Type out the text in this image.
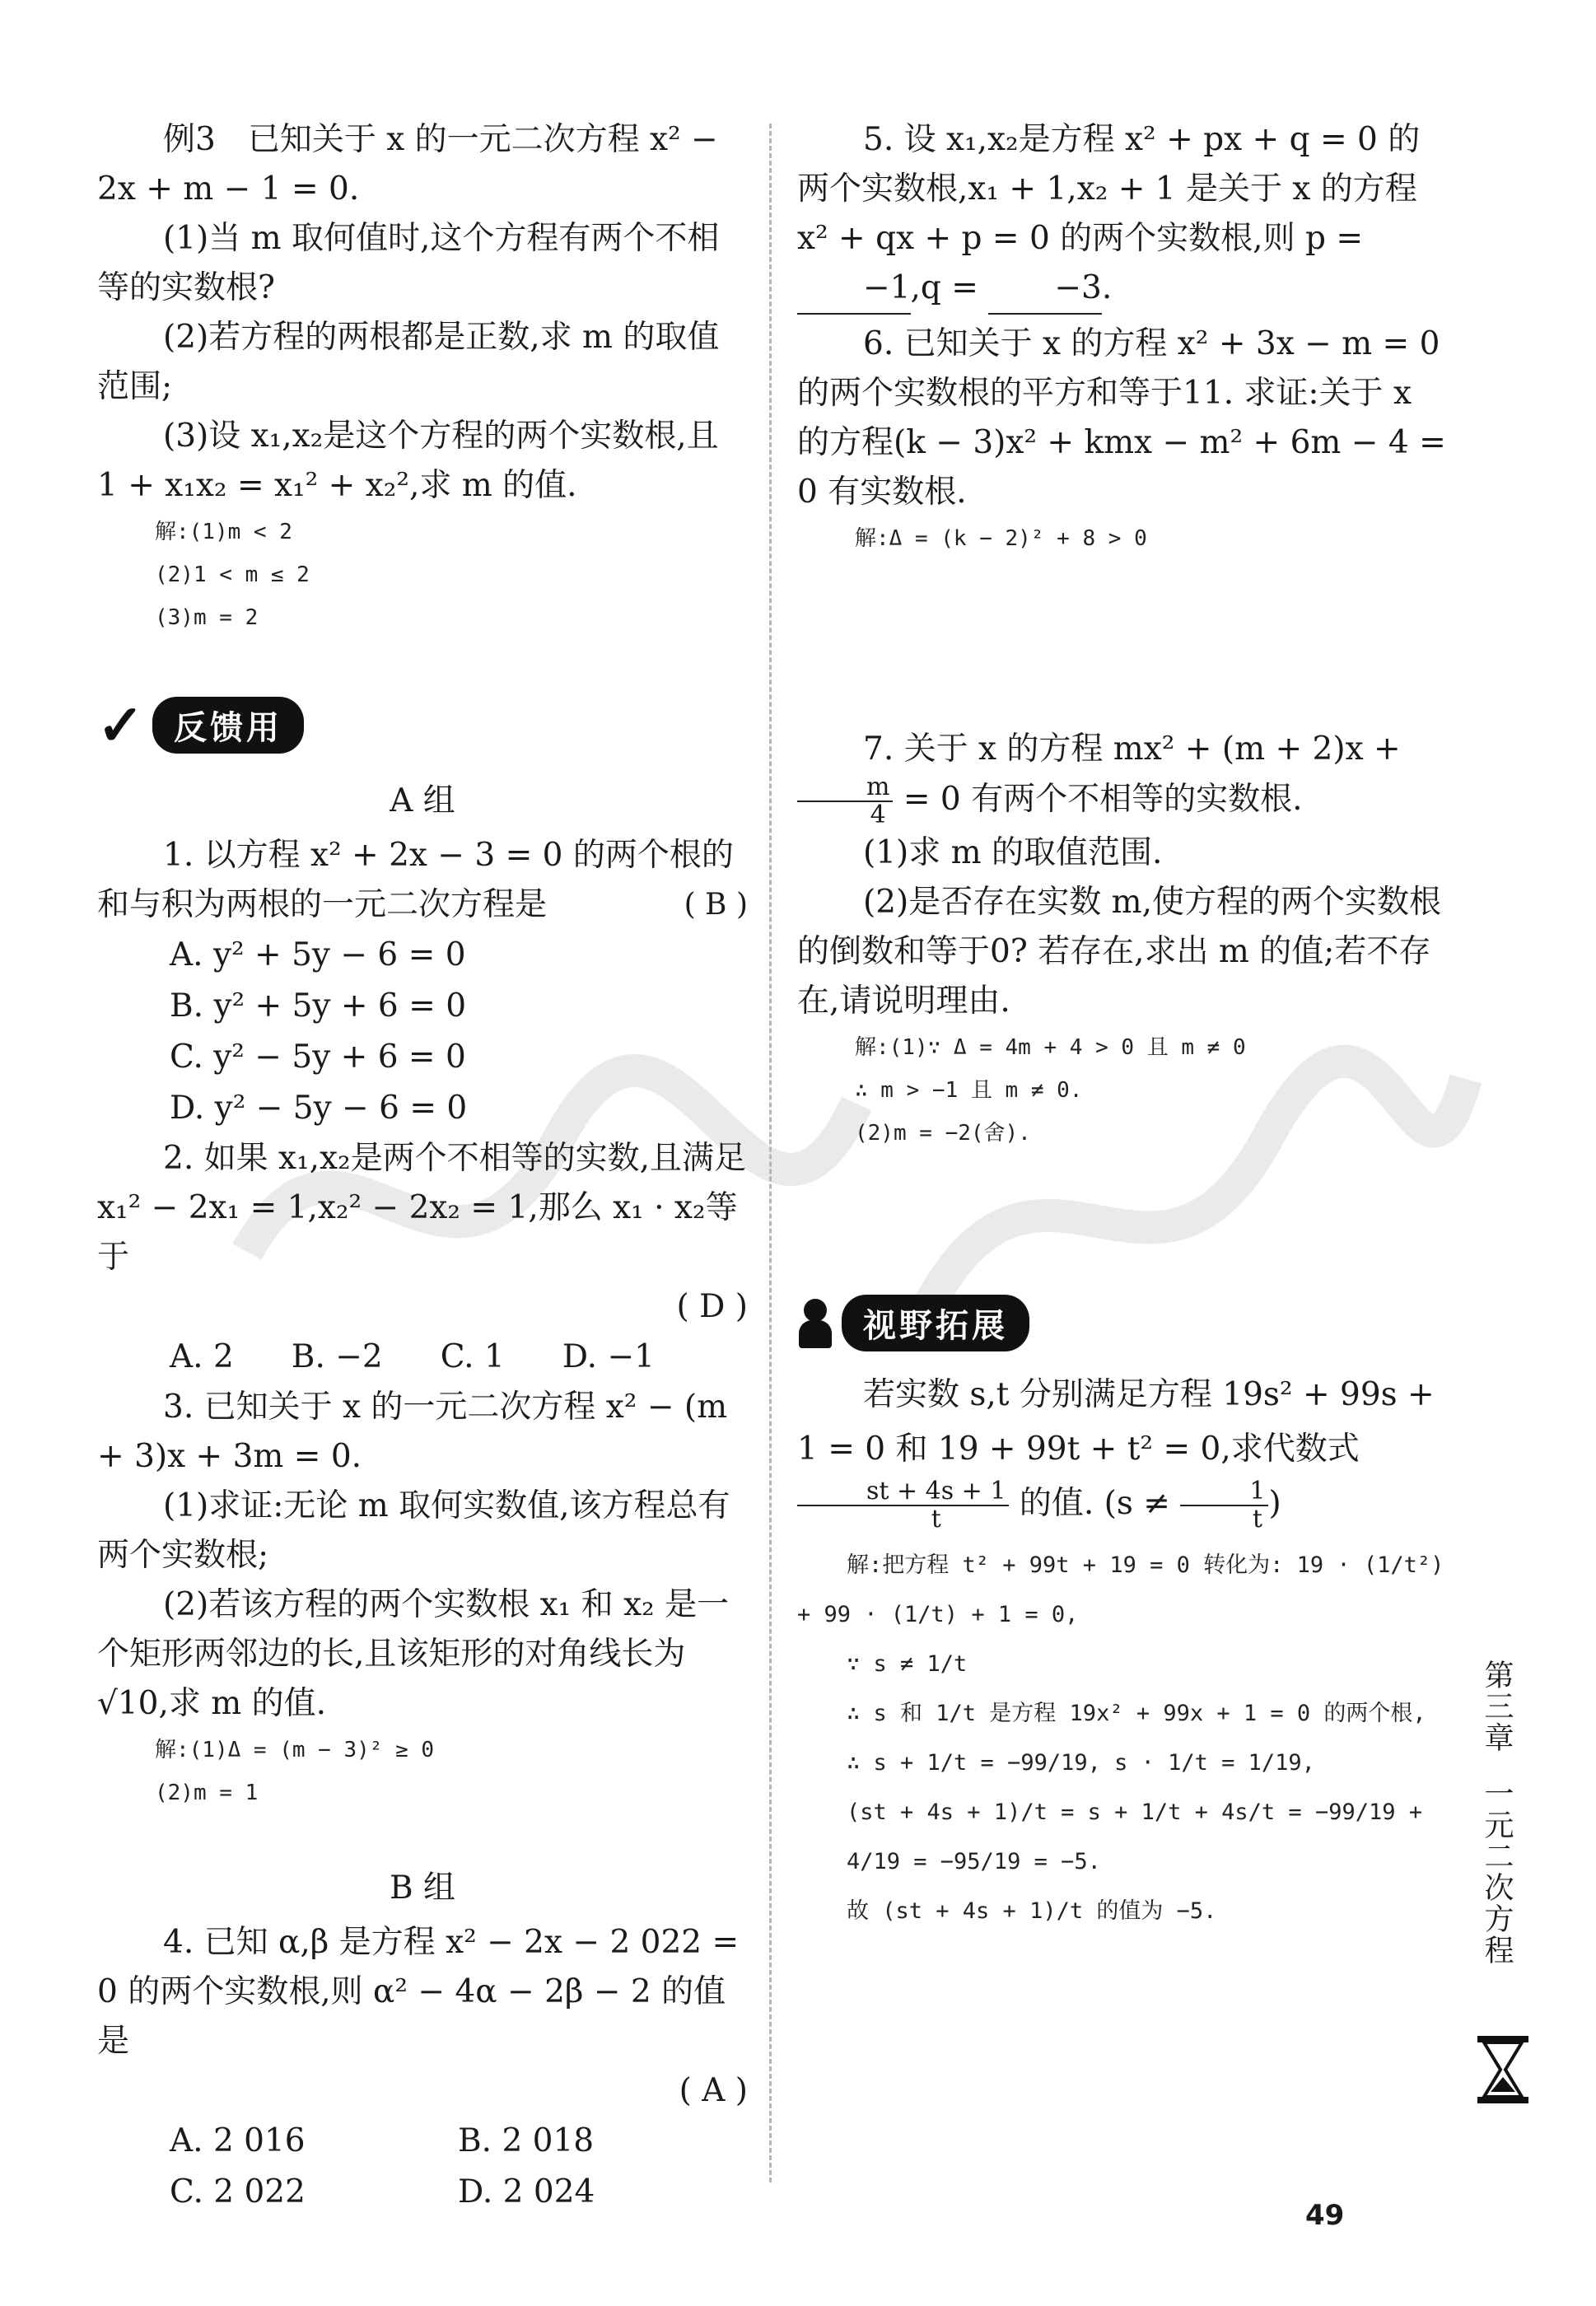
例3　已知关于 x 的一元二次方程 x² − 2x + m − 1 = 0.

(1)当 m 取何值时,这个方程有两个不相等的实数根?

(2)若方程的两根都是正数,求 m 的取值范围;

(3)设 x₁,x₂是这个方程的两个实数根,且 1 + x₁x₂ = x₁² + x₂²,求 m 的值.

解:(1)m < 2
(2)1 < m ≤ 2
(3)m = 2
✓ 反馈用
A 组

1. 以方程 x² + 2x − 3 = 0 的两个根的和与积为两根的一元二次方程是	( B )

A. y² + 5y − 6 = 0
B. y² + 5y + 6 = 0
C. y² − 5y + 6 = 0
D. y² − 5y − 6 = 0

2. 如果 x₁,x₂是两个不相等的实数,且满足 x₁² − 2x₁ = 1,x₂² − 2x₂ = 1,那么 x₁ · x₂等于

( D )

A. 2 B. −2 C. 1 D. −1

3. 已知关于 x 的一元二次方程 x² − (m + 3)x + 3m = 0.

(1)求证:无论 m 取何实数值,该方程总有两个实数根;

(2)若该方程的两个实数根 x₁ 和 x₂ 是一个矩形两邻边的长,且该矩形的对角线长为 √10,求 m 的值.

解:(1)Δ = (m − 3)² ≥ 0
(2)m = 1
B 组

4. 已知 α,β 是方程 x² − 2x − 2 022 = 0 的两个实数根,则 α² − 4α − 2β − 2 的值是

( A )

A. 2 016	B. 2 018
C. 2 022	D. 2 024

5. 设 x₁,x₂是方程 x² + px + q = 0 的两个实数根,x₁ + 1,x₂ + 1 是关于 x 的方程 x² + qx + p = 0 的两个实数根,则 p = −1,q = −3.

6. 已知关于 x 的方程 x² + 3x − m = 0 的两个实数根的平方和等于11. 求证:关于 x 的方程(k − 3)x² + kmx − m² + 6m − 4 = 0 有实数根.

解:Δ = (k − 2)² + 8 > 0

7. 关于 x 的方程 mx² + (m + 2)x +
$\frac{m}{4} = 0$ 有两个不相等的实数根.

(1)求 m 的取值范围.

(2)是否存在实数 m,使方程的两个实数根的倒数和等于0? 若存在,求出 m 的值;若不存在,请说明理由.

解:(1)∵ Δ = 4m + 4 > 0 且 m ≠ 0
∴ m > −1 且 m ≠ 0.
(2)m = −2(舍).
视野拓展

若实数 s,t 分别满足方程 19s² + 99s + 1 = 0 和 19 + 99t + t² = 0,求代数式
$\frac{st + 4s + 1}{t}$ 的值. ($s \ne \frac{1}{t}$ )

解:把方程 t² + 99t + 19 = 0 转化为: 19 · (1/t²) + 99 · (1/t) + 1 = 0,
∵ s ≠ 1/t
∴ s 和 1/t 是方程 19x² + 99x + 1 = 0 的两个根,
∴ s + 1/t = −99/19, s · 1/t = 1/19,
(st + 4s + 1)/t = s + 1/t + 4s/t = −99/19 + 4/19 = −95/19 = −5.
故 (st + 4s + 1)/t 的值为 −5.
第三章
一元二次方程
49
